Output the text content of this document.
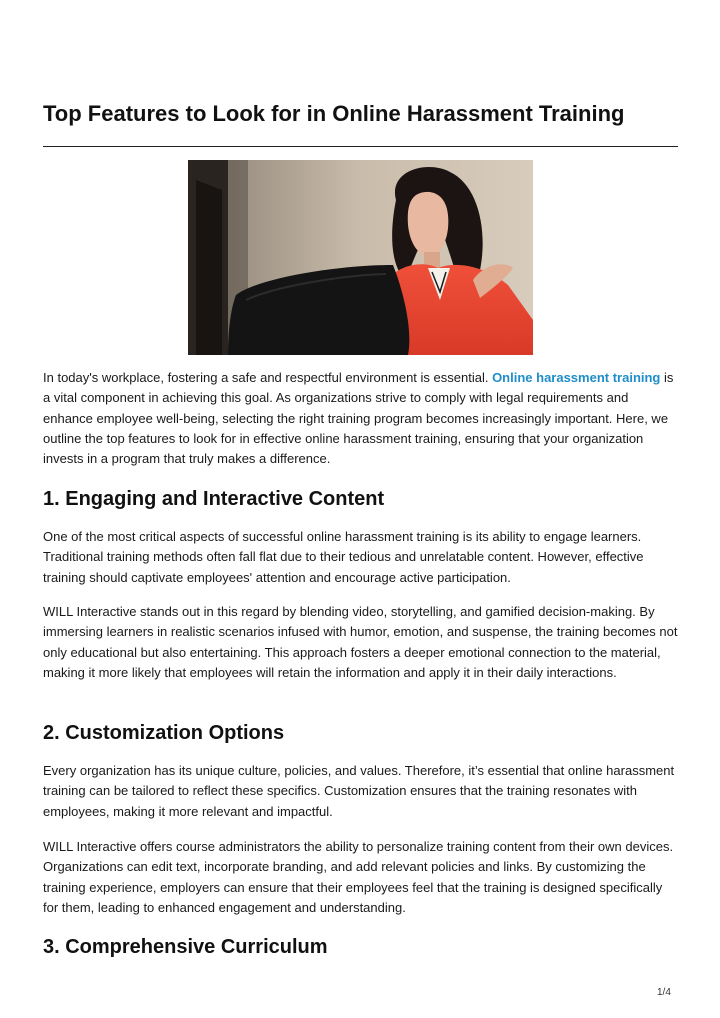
Top Features to Look for in Online Harassment Training

In today's workplace, fostering a safe and respectful environment is essential. Online harassment training is a vital component in achieving this goal. As organizations strive to comply with legal requirements and enhance employee well-being, selecting the right training program becomes increasingly important. Here, we outline the top features to look for in effective online harassment training, ensuring that your organization invests in a program that truly makes a difference.

1. Engaging and Interactive Content

One of the most critical aspects of successful online harassment training is its ability to engage learners. Traditional training methods often fall flat due to their tedious and unrelatable content. However, effective training should captivate employees' attention and encourage active participation.

WILL Interactive stands out in this regard by blending video, storytelling, and gamified decision-making. By immersing learners in realistic scenarios infused with humor, emotion, and suspense, the training becomes not only educational but also entertaining. This approach fosters a deeper emotional connection to the material, making it more likely that employees will retain the information and apply it in their daily interactions.

2. Customization Options

Every organization has its unique culture, policies, and values. Therefore, it’s essential that online harassment training can be tailored to reflect these specifics. Customization ensures that the training resonates with employees, making it more relevant and impactful.

WILL Interactive offers course administrators the ability to personalize training content from their own devices. Organizations can edit text, incorporate branding, and add relevant policies and links. By customizing the training experience, employers can ensure that their employees feel that the training is designed specifically for them, leading to enhanced engagement and understanding.

3. Comprehensive Curriculum
1/4
